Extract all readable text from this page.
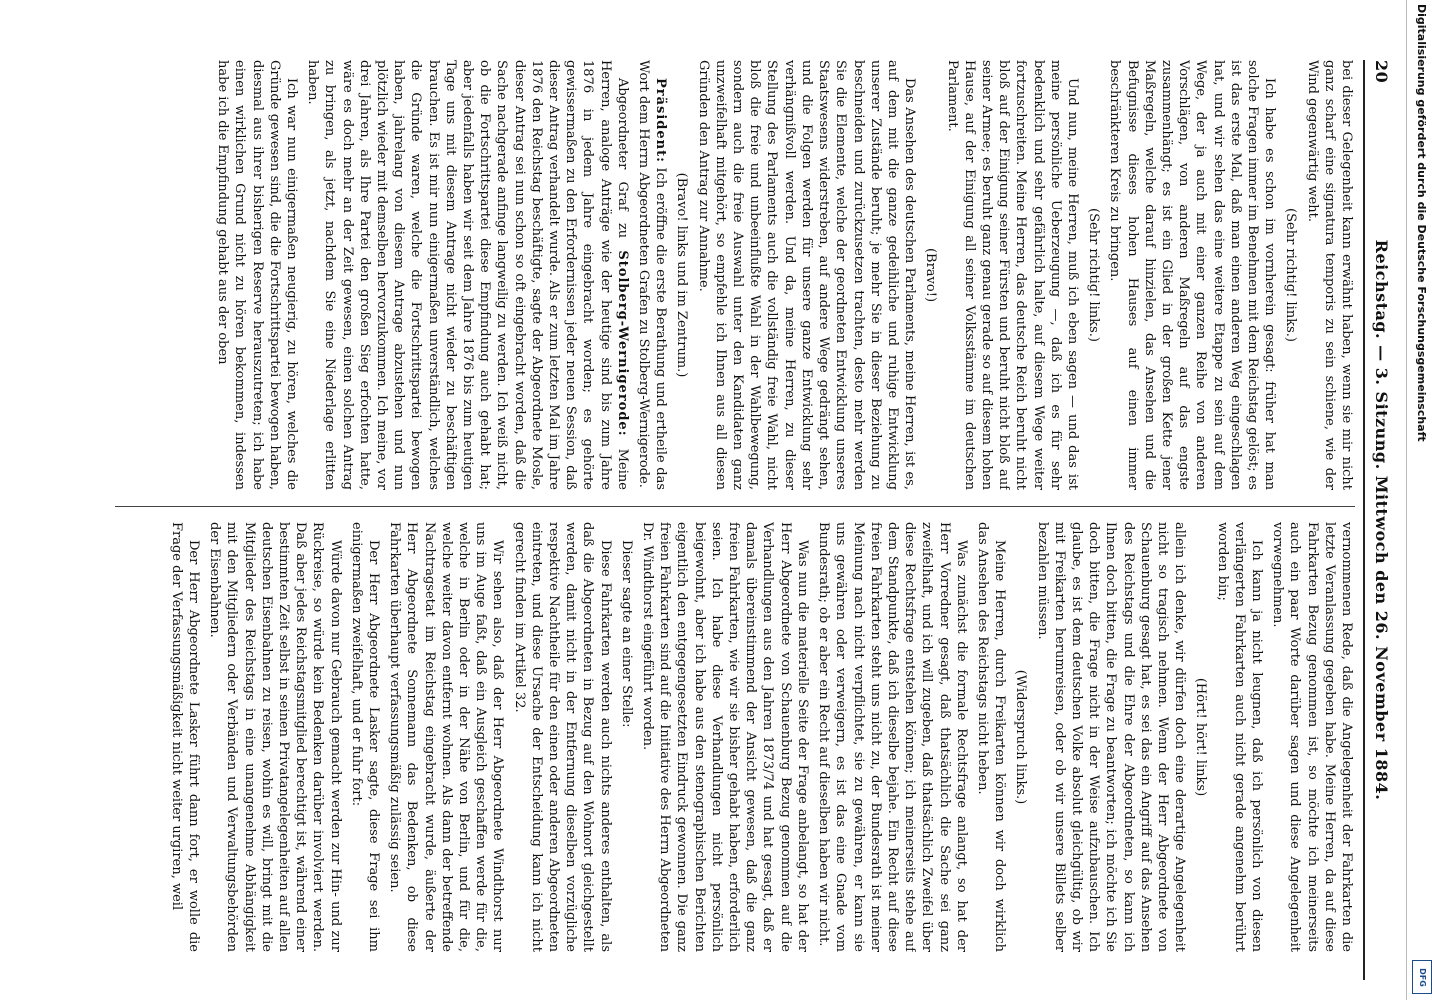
20
Reichstag. — 3. Sitzung. Mittwoch den 26. November 1884.

bei dieser Gelegenheit kann erwähnt haben, wenn sie mir nicht ganz scharf eine signatura temporis zu sein schiene, wie der Wind gegenwärtig weht.

(Sehr richtig! links.)

Ich habe es schon im vornherein gesagt: früher hat man solche Fragen immer im Benehmen mit dem Reichstag gelöst; es ist das erste Mal, daß man einen anderen Weg eingeschlagen hat, und wir sehen das eine weitere Etappe zu sein auf dem Wege, der ja auch mit einer ganzen Reihe von anderen Vorschlägen, von anderen Maßregeln auf das engste zusammenhängt; es ist ein Glied in der großen Kette jener Maßregeln, welche darauf hinzielen, das Ansehen und die Befugnisse dieses hohen Hauses auf einen immer beschränkteren Kreis zu bringen.

(Sehr richtig! links.)

Und nun, meine Herren, muß ich eben sagen — und das ist meine persönliche Ueberzeugung —, daß ich es für sehr bedenklich und sehr gefährlich halte, auf diesem Wege weiter fortzuschreiten. Meine Herren, das deutsche Reich beruht nicht bloß auf der Einigung seiner Fürsten und beruht nicht bloß auf seiner Armee; es beruht ganz genau gerade so auf diesem hohen Hause, auf der Einigung all seiner Volksstämme im deutschen Parlament.

(Bravo!)

Das Ansehen des deutschen Parlaments, meine Herren, ist es, auf dem mit die ganze gedeihliche und ruhige Entwicklung unserer Zustände beruht; je mehr Sie in dieser Beziehung zu beschneiden und zurückzusetzen trachten, desto mehr werden Sie die Elemente, welche der geordneten Entwicklung unseres Staatswesens widerstreben, auf andere Wege gedrängt sehen, und die Folgen werden für unsere ganze Entwicklung sehr verhängnißvoll werden. Und da, meine Herren, zu dieser Stellung des Parlaments auch die vollständig freie Wahl, nicht bloß die freie und unbeeinflußte Wahl in der Wahlbewegung, sondern auch die freie Auswahl unter den Kandidaten ganz unzweifelhaft mitgehört, so empfehle ich Ihnen aus all diesen Gründen den Antrag zur Annahme.

(Bravo! links und im Zentrum.)

Präsident: Ich eröffne die erste Berathung und ertheile das Wort dem Herrn Abgeordneten Grafen zu Stolberg-Wernigerode.

Abgeordneter Graf zu Stolberg-Wernigerode: Meine Herren, analoge Anträge wie der heutige sind bis zum Jahre 1876 in jedem Jahre eingebracht worden; es gehörte gewissermaßen zu den Erfordernissen jeder neuen Session, daß dieser Antrag verhandelt wurde. Als er zum letzten Mal im Jahre 1876 den Reichstag beschäftigte, sagte der Abgeordnete Mosle, dieser Antrag sei nun schon so oft eingebracht worden, daß die Sache nachgerade anfinge langweilig zu werden. Ich weiß nicht, ob die Fortschrittspartei diese Empfindung auch gehabt hat; aber jedenfalls haben wir seit dem Jahre 1876 bis zum heutigen Tage uns mit diesem Antrage nicht wieder zu beschäftigen brauchen. Es ist mir nun einigermaßen unverständlich, welches die Gründe waren, welche die Fortschrittspartei bewogen haben, jahrelang von diesem Antrage abzustehen und nun plötzlich wieder mit demselben hervorzukommen. Ich meine, vor drei Jahren, als Ihre Partei den großen Sieg erfochten hatte, wäre es doch mehr an der Zeit gewesen, einen solchen Antrag zu bringen, als jetzt, nachdem Sie eine Niederlage erlitten haben.

Ich war nun einigermaßen neugierig, zu hören, welches die Gründe gewesen sind, die die Fortschrittspartei bewogen haben, diesmal aus ihrer bisherigen Reserve herauszutreten; ich habe einen wirklichen Grund nicht zu hören bekommen, indessen habe ich die Empfindung gehabt aus der oben

vernommenen Rede, daß die Angelegenheit der Fahrkarten die letzte Veranlassung gegeben habe. Meine Herren, da auf diese Fahrkarten Bezug genommen ist, so möchte ich meinerseits auch ein paar Worte darüber sagen und diese Angelegenheit vorwegnehmen.

Ich kann ja nicht leugnen, daß ich persönlich von diesen verlängerten Fahrkarten auch nicht gerade angenehm berührt worden bin;

(Hört! hört! links)

allein ich denke, wir dürfen doch eine derartige Angelegenheit nicht so tragisch nehmen. Wenn der Herr Abgeordnete von Schauenburg gesagt hat, es sei das ein Angriff auf das Ansehen des Reichstags und die Ehre der Abgeordneten, so kann ich Ihnen doch bitten, die Frage zu beantworten; ich möchte ich Sie doch bitten, die Frage nicht in der Weise aufzubauschen. Ich glaube, es ist dem deutschen Volke absolut gleichgültig, ob wir mit Freikarten herumreisen, oder ob wir unsere Billets selber bezahlen müssen.

(Widerspruch links.)

Meine Herren, durch Freikarten können wir doch wirklich das Ansehen des Reichstags nicht heben.

Was zunächst die formale Rechtsfrage anlangt, so hat der Herr Vorredner gesagt, daß thatsächlich die Sache sei ganz zweifelhaft, und ich will zugeben, daß thatsächlich Zweifel über diese Rechtsfrage entstehen können; ich meinerseits stehe auf dem Standpunkte, daß ich dieselbe bejahe. Ein Recht auf diese freien Fahrkarten steht uns nicht zu, der Bundesrath ist meiner Meinung nach nicht verpflichtet, sie zu gewähren, er kann sie uns gewähren oder verweigern, es ist das eine Gnade vom Bundesrath; ob er aber ein Recht auf dieselben haben wir nicht.

Was nun die materielle Seite der Frage anbelangt, so hat der Herr Abgeordnete von Schauenburg Bezug genommen auf die Verhandlungen aus den Jahren 1873/74 und hat gesagt, daß er damals übereinstimmend der Ansicht gewesen, daß die ganz freien Fahrkarten, wie wir sie bisher gehabt haben, erforderlich seien. Ich habe diese Verhandlungen nicht persönlich beigewohnt, aber ich habe aus den stenographischen Berichten eigentlich den entgegengesetzten Eindruck gewonnen. Die ganz freien Fahrkarten sind auf die Initiative des Herrn Abgeordneten Dr. Windthorst eingeführt worden.

Dieser sagte an einer Stelle:

Diese Fahrkarten werden auch nichts anderes enthalten, als daß die Abgeordneten in Bezug auf den Wohnort gleichgestellt werden, damit nicht in der Entfernung dieselben vorzügliche respektive Nachtheile für den einen oder anderen Abgeordneten eintreten, und diese Ursache der Entscheidung kann ich nicht gerecht finden im Artikel 32.

Wir sehen also, daß der Herr Abgeordnete Windthorst nur uns im Auge faßt, daß ein Ausgleich geschaffen werde für die, welche in Berlin oder in der Nähe von Berlin, und für die, welche weiter davon entfernt wohnen. Als dann der betreffende Nachtragsetat im Reichstag eingebracht wurde, äußerte der Herr Abgeordnete Sonnemann das Bedenken, ob diese Fahrkarten überhaupt verfassungsmäßig zulässig seien.

Der Herr Abgeordnete Lasker sagte, diese Frage sei ihm einigermaßen zweifelhaft, und er fuhr fort:

Würde davon nur Gebrauch gemacht werden zur Hin- und zur Rückreise, so würde kein Bedenken darüber involviert werden. Daß aber jedes Reichstagsmitglied berechtigt ist, während einer bestimmten Zeit selbst in seinen Privatangelegenheiten auf allen deutschen Eisenbahnen zu reisen, wohin es will, bringt mit die Mitglieder des Reichstags in eine unangenehme Abhängigkeit mit den Mitgliedern oder Verbänden und Verwaltungsbehörden der Eisenbahnen.

Der Herr Abgeordnete Lasker führt dann fort, er wolle die Frage der Verfassungsmäßigkeit nicht weiter urgiren, weil

Digitalisierung gefördert durch die Deutsche Forschungsgemeinschaft
DFG
